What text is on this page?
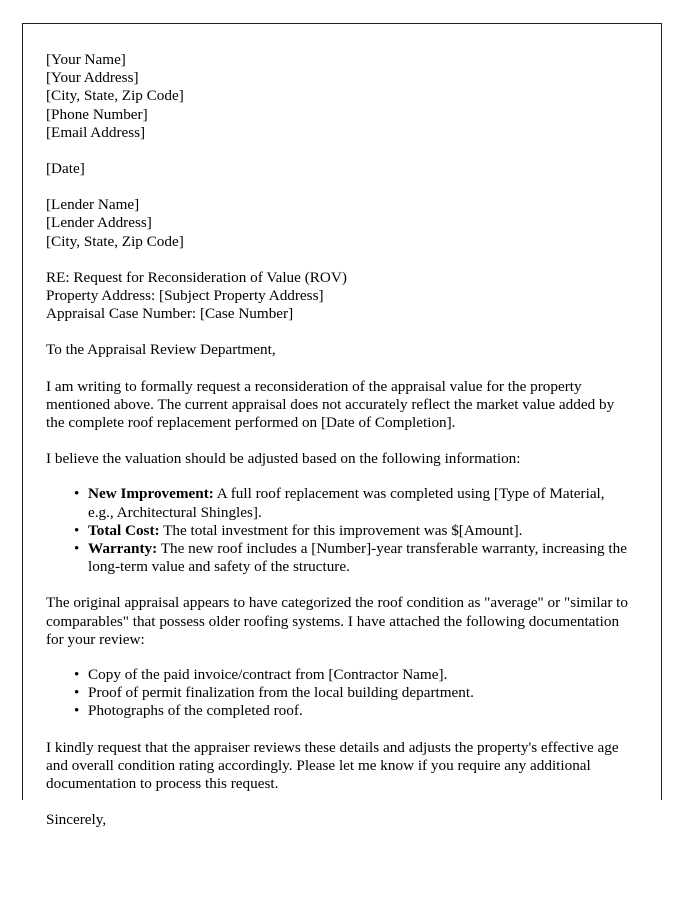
[Your Name]
[Your Address]
[City, State, Zip Code]
[Phone Number]
[Email Address]
[Date]
[Lender Name]
[Lender Address]
[City, State, Zip Code]
RE: Request for Reconsideration of Value (ROV)
Property Address: [Subject Property Address]
Appraisal Case Number: [Case Number]

To the Appraisal Review Department,

I am writing to formally request a reconsideration of the appraisal value for the property mentioned above. The current appraisal does not accurately reflect the market value added by the complete roof replacement performed on [Date of Completion].

I believe the valuation should be adjusted based on the following information:

• New Improvement: A full roof replacement was completed using [Type of Material, e.g., Architectural Shingles].
• Total Cost: The total investment for this improvement was $[Amount].
• Warranty: The new roof includes a [Number]-year transferable warranty, increasing the long-term value and safety of the structure.

The original appraisal appears to have categorized the roof condition as "average" or "similar to comparables" that possess older roofing systems. I have attached the following documentation for your review:

• Copy of the paid invoice/contract from [Contractor Name].
• Proof of permit finalization from the local building department.
• Photographs of the completed roof.

I kindly request that the appraiser reviews these details and adjusts the property's effective age and overall condition rating accordingly. Please let me know if you require any additional documentation to process this request.

Sincerely,
